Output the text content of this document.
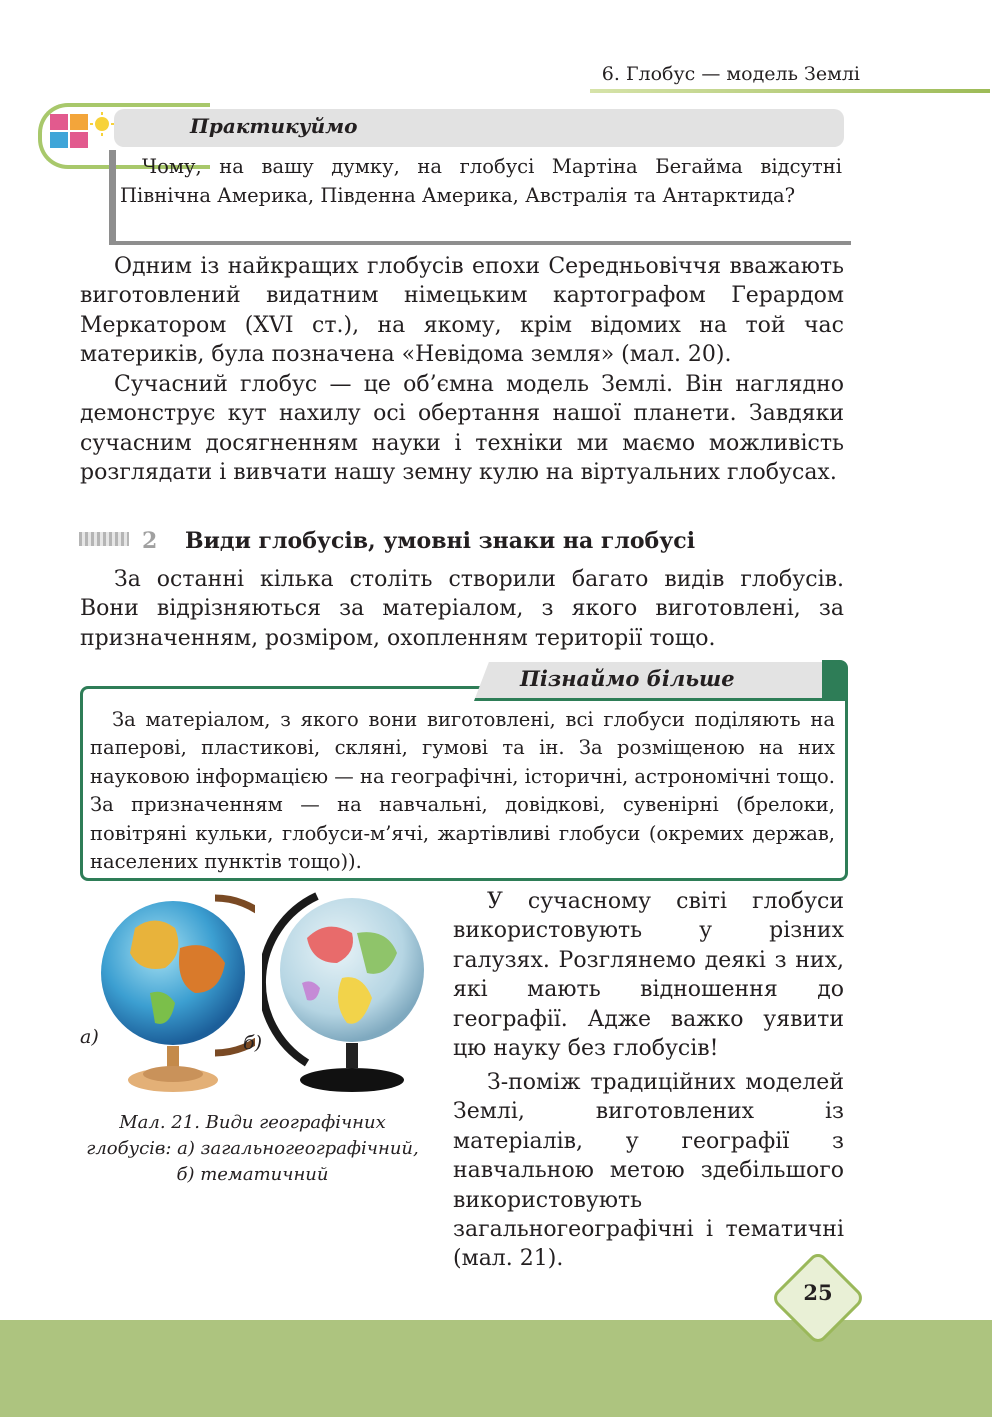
6. Глобус — модель Землі
Практикуймо
Чому, на вашу думку, на глобусі Мартіна Бегайма відсутні Північна Америка, Південна Америка, Австралія та Антарктида?
Одним із найкращих глобусів епохи Середньовіччя вважають виготовлений видатним німецьким картографом Герардом Меркатором (XVI ст.), на якому, крім відомих на той час материків, була позначена «Невідома земля» (мал. 20).
Сучасний глобус — це об’ємна модель Землі. Він наглядно демонструє кут нахилу осі обертання нашої планети. Завдяки сучасним досягненням науки і техніки ми маємо можливість розглядати і вивчати нашу земну кулю на віртуальних глобусах.
2 Види глобусів, умовні знаки на глобусі
За останні кілька століть створили багато видів глобусів. Вони відрізняються за матеріалом, з якого виготовлені, за призначенням, розміром, охопленням території тощо.
Пізнаймо більше
За матеріалом, з якого вони виготовлені, всі глобуси поділяють на паперові, пластикові, скляні, гумові та ін. За розміщеною на них науковою інформацією — на географічні, історичні, астрономічні тощо. За призначенням — на навчальні, довідкові, сувенірні (брелоки, повітряні кульки, глобуси-м’ячі, жартівливі глобуси (окремих держав, населених пунктів тощо)).
а)	б)
Мал. 21. Види географічних глобусів: а) загальногеографічний, б) тематичний
У сучасному світі глобуси використовують у різних галузях. Розглянемо деякі з них, які мають відношення до географії. Адже важко уявити цю науку без глобусів!
З-поміж традиційних моделей Землі, виготовлених із матеріалів, у географії з навчальною метою здебільшого використовують загальногеографічні і тематичні (мал. 21).
25
